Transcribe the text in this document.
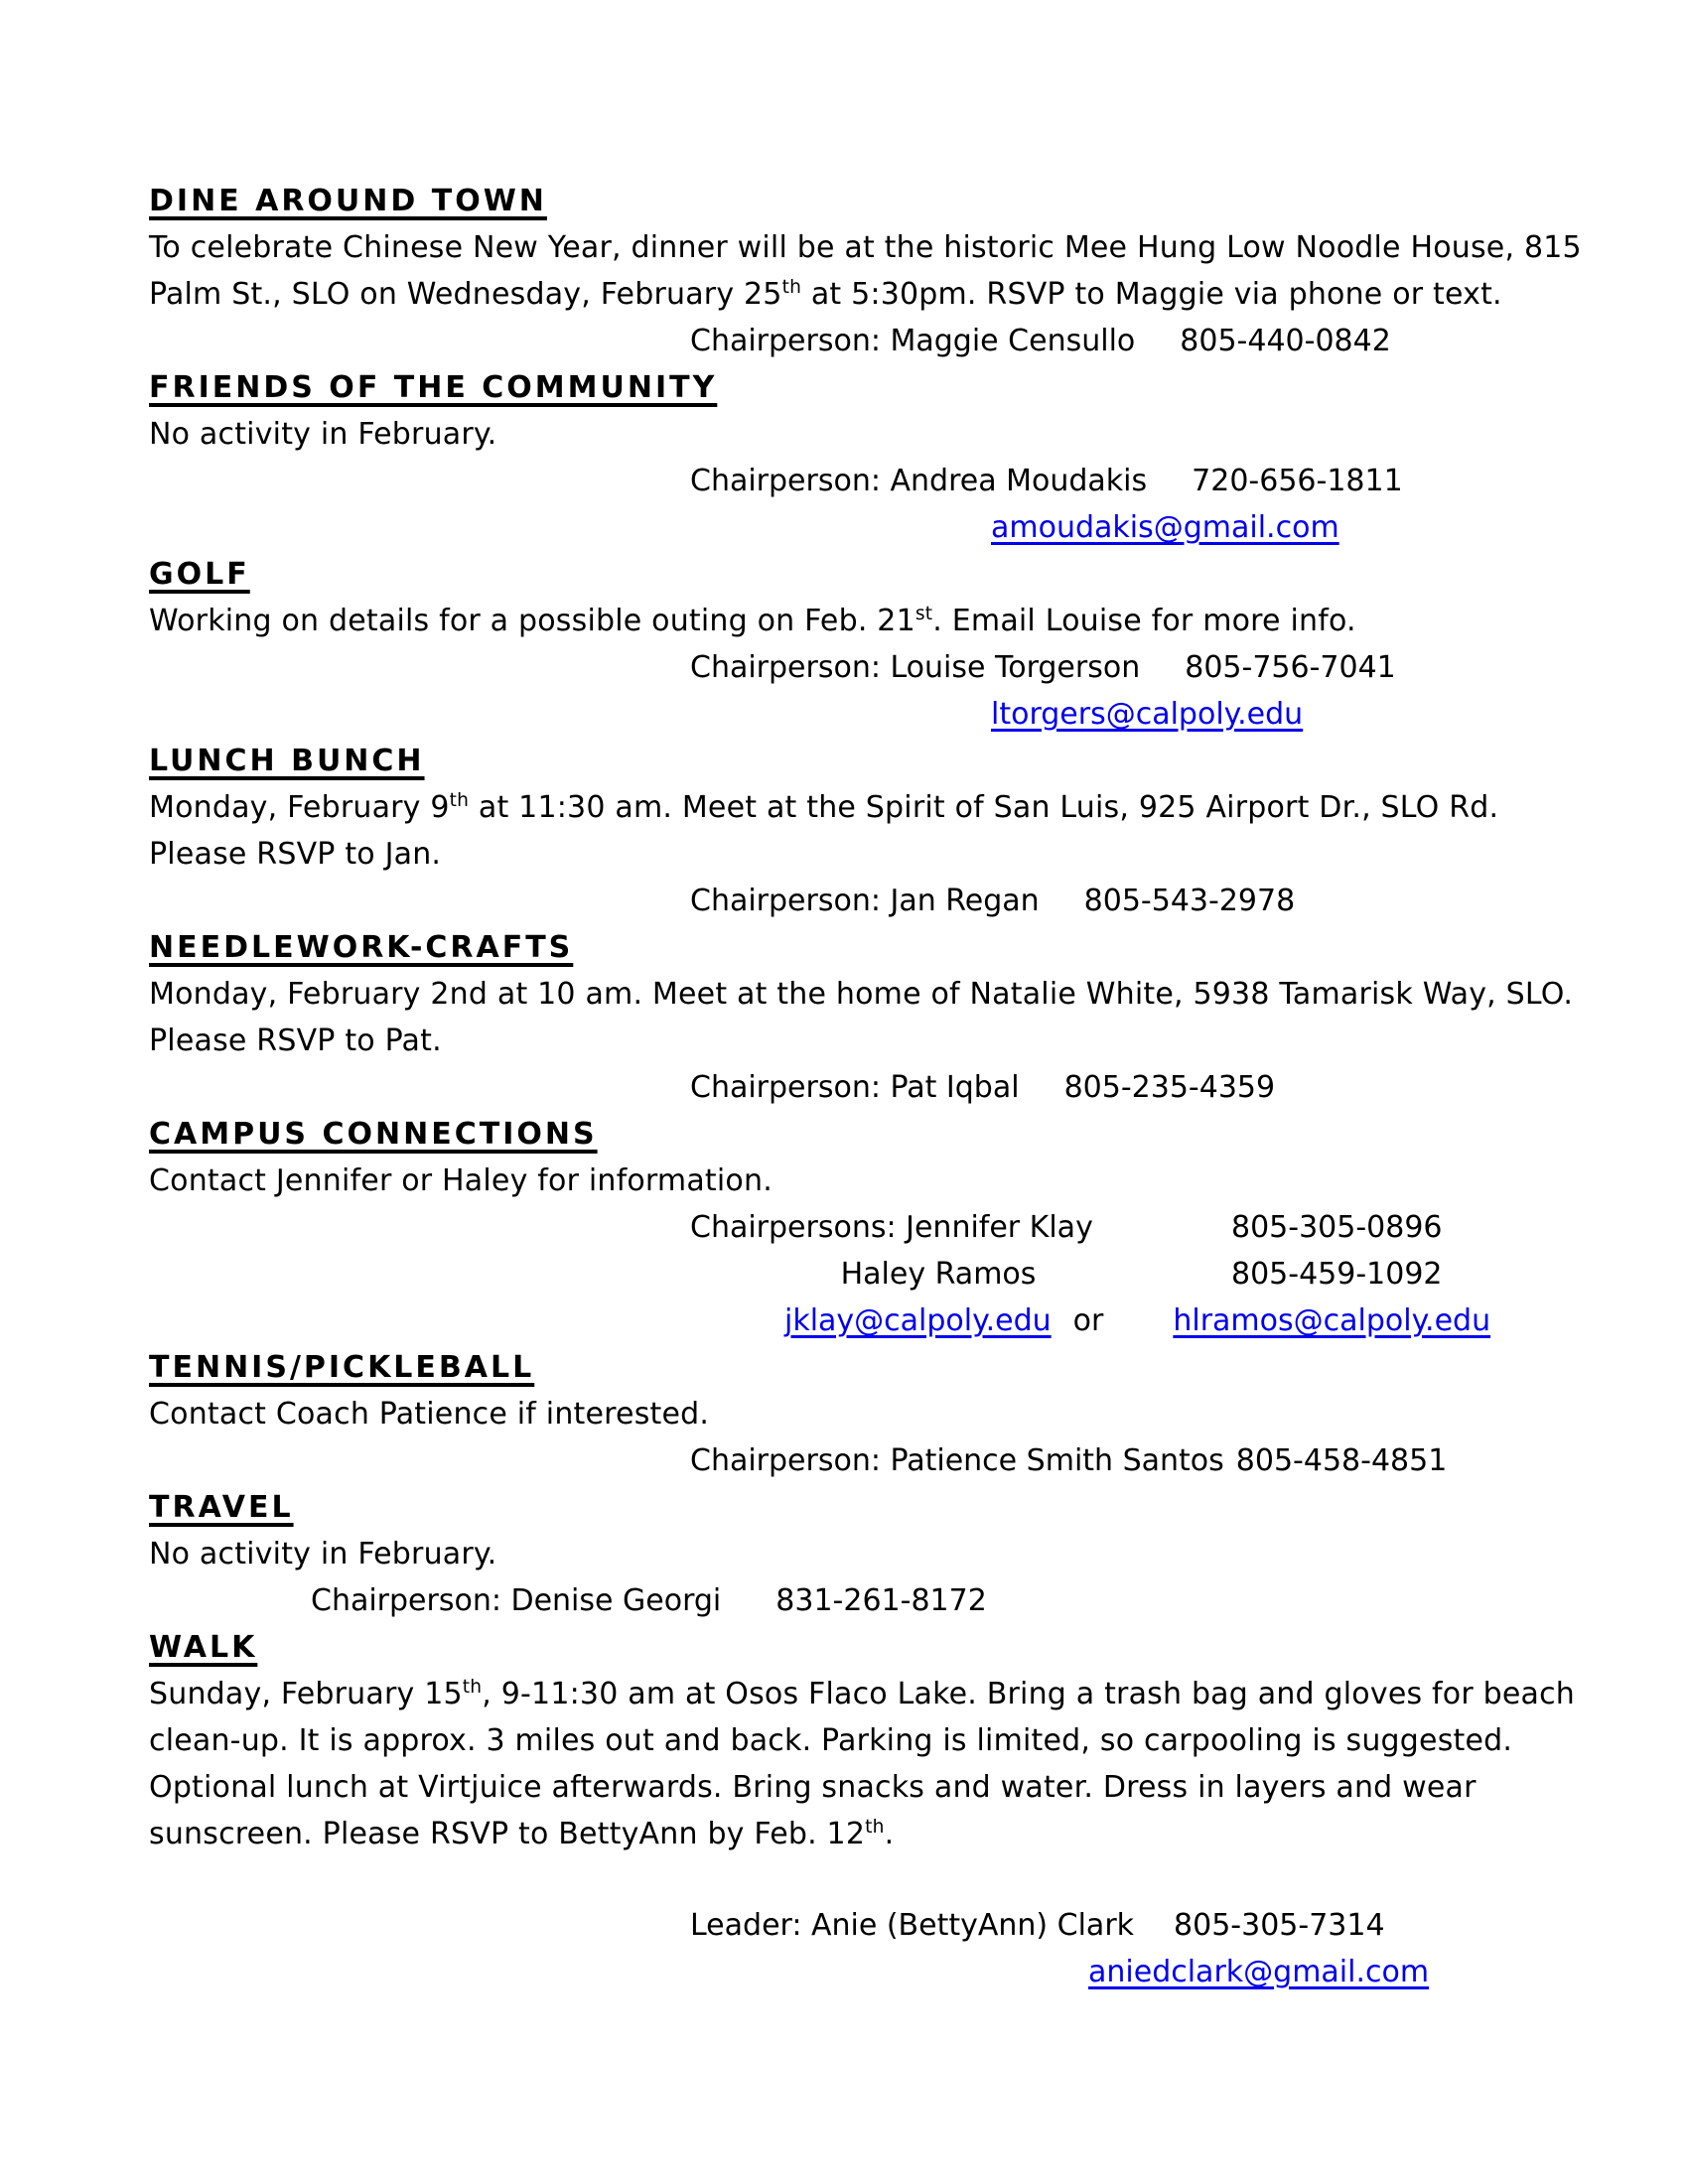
DINE AROUND TOWN

To celebrate Chinese New Year, dinner will be at the historic Mee Hung Low Noodle House, 815 Palm St., SLO on Wednesday, February 25th at 5:30pm. RSVP to Maggie via phone or text.

Chairperson: Maggie Censullo 805-440-0842

FRIENDS OF THE COMMUNITY

No activity in February.

Chairperson: Andrea Moudakis 720-656-1811

amoudakis@gmail.com

GOLF

Working on details for a possible outing on Feb. 21st. Email Louise for more info.

Chairperson: Louise Torgerson 805-756-7041

ltorgers@calpoly.edu

LUNCH BUNCH

Monday, February 9th at 11:30 am. Meet at the Spirit of San Luis, 925 Airport Dr., SLO Rd. Please RSVP to Jan.

Chairperson: Jan Regan 805-543-2978

NEEDLEWORK-CRAFTS

Monday, February 2nd at 10 am. Meet at the home of Natalie White, 5938 Tamarisk Way, SLO. Please RSVP to Pat.

Chairperson: Pat Iqbal 805-235-4359

CAMPUS CONNECTIONS

Contact Jennifer or Haley for information.

Chairpersons: Jennifer Klay	805-305-0896

Haley Ramos	805-459-1092

jklay@calpoly.edu or hlramos@calpoly.edu

TENNIS/PICKLEBALL

Contact Coach Patience if interested.

Chairperson: Patience Smith Santos 805-458-4851

TRAVEL

No activity in February.

Chairperson: Denise Georgi 831-261-8172

WALK

Sunday, February 15th, 9-11:30 am at Osos Flaco Lake. Bring a trash bag and gloves for beach clean-up. It is approx. 3 miles out and back. Parking is limited, so carpooling is suggested. Optional lunch at Virtjuice afterwards. Bring snacks and water. Dress in layers and wear sunscreen. Please RSVP to BettyAnn by Feb. 12th.

Leader: Anie (BettyAnn) Clark 805-305-7314

aniedclark@gmail.com
